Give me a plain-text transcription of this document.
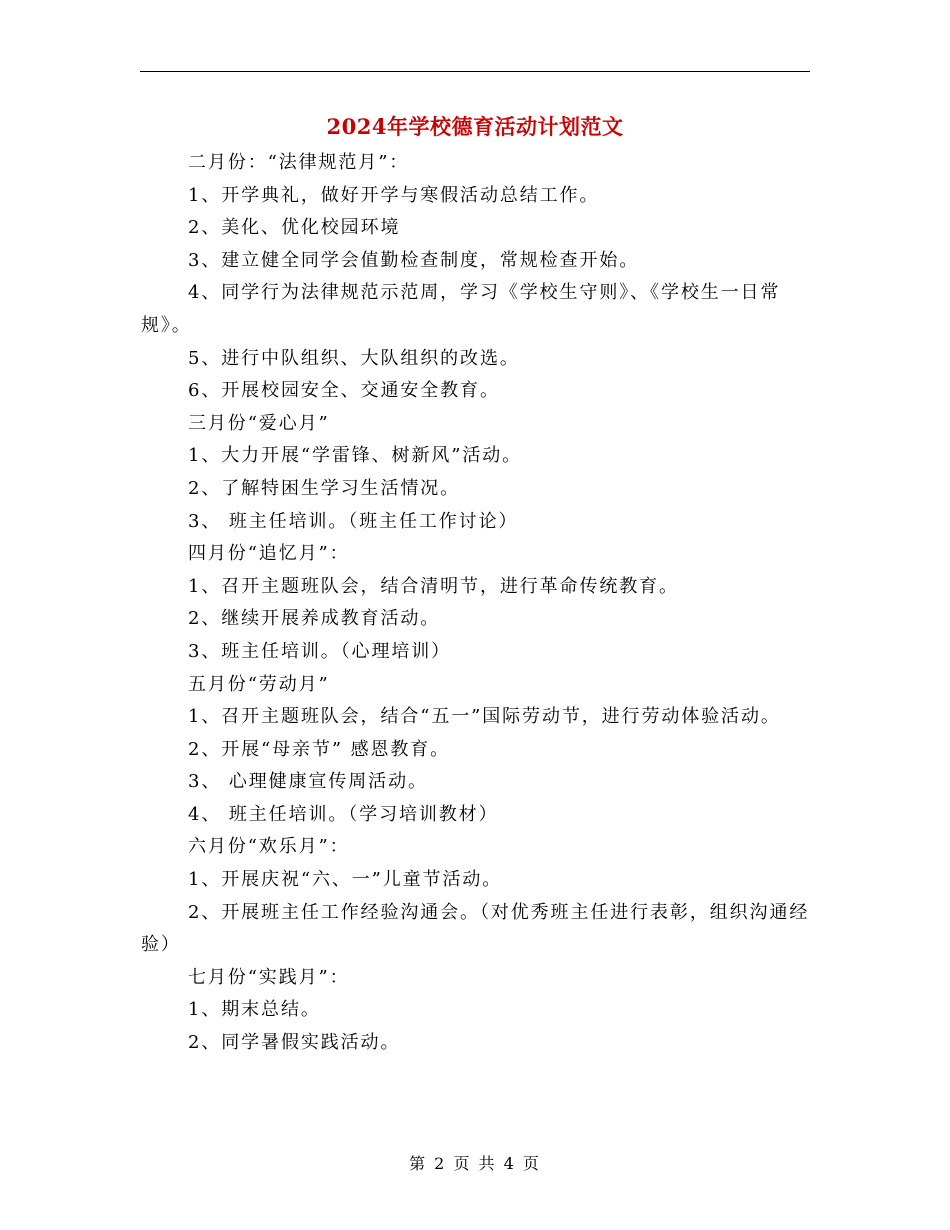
2024年学校德育活动计划范文

二月份：“法律规范月”：

1、开学典礼，做好开学与寒假活动总结工作。

2、美化、优化校园环境

3、建立健全同学会值勤检查制度，常规检查开始。

4、同学行为法律规范示范周，学习《学校生守则》、《学校生一日常规》。

5、进行中队组织、大队组织的改选。

6、开展校园安全、交通安全教育。

三月份“爱心月”

1、大力开展“学雷锋、树新风”活动。

2、了解特困生学习生活情况。

3、 班主任培训。（班主任工作讨论）

四月份“追忆月”：

1、召开主题班队会，结合清明节，进行革命传统教育。

2、继续开展养成教育活动。

3、班主任培训。（心理培训）

五月份“劳动月”

1、召开主题班队会，结合“五一”国际劳动节，进行劳动体验活动。

2、开展“母亲节” 感恩教育。

3、 心理健康宣传周活动。

4、 班主任培训。（学习培训教材）

六月份“欢乐月”：

1、开展庆祝“六、一”儿童节活动。

2、开展班主任工作经验沟通会。（对优秀班主任进行表彰，组织沟通经验）

七月份“实践月”：

1、期末总结。

2、同学暑假实践活动。

第 2 页 共 4 页
